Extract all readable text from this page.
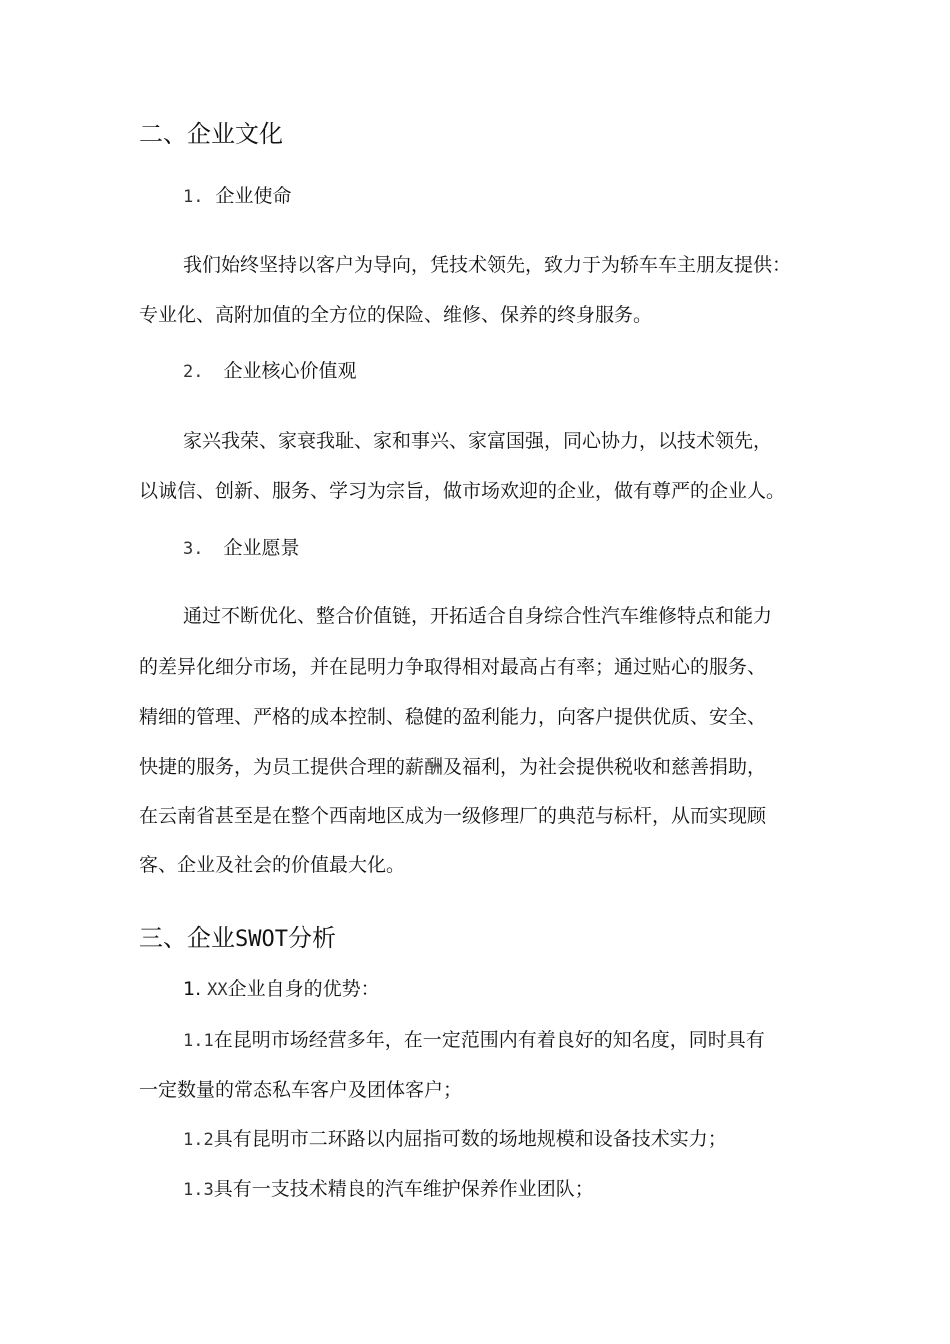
二、企业文化
1. 企业使命
我们始终坚持以客户为导向，凭技术领先，致力于为轿车车主朋友提供：
专业化、高附加值的全方位的保险、维修、保养的终身服务。
2. 企业核心价值观
家兴我荣、家衰我耻、家和事兴、家富国强，同心协力，以技术领先，
以诚信、创新、服务、学习为宗旨，做市场欢迎的企业，做有尊严的企业人。
3. 企业愿景
通过不断优化、整合价值链，开拓适合自身综合性汽车维修特点和能力
的差异化细分市场，并在昆明力争取得相对最高占有率；通过贴心的服务、
精细的管理、严格的成本控制、稳健的盈利能力，向客户提供优质、安全、
快捷的服务，为员工提供合理的薪酬及福利，为社会提供税收和慈善捐助，
在云南省甚至是在整个西南地区成为一级修理厂的典范与标杆，从而实现顾
客、企业及社会的价值最大化。
三、企业SWOT分析
1. XX企业自身的优势：
1.1在昆明市场经营多年，在一定范围内有着良好的知名度，同时具有
一定数量的常态私车客户及团体客户；
1.2具有昆明市二环路以内屈指可数的场地规模和设备技术实力；
1.3具有一支技术精良的汽车维护保养作业团队；
